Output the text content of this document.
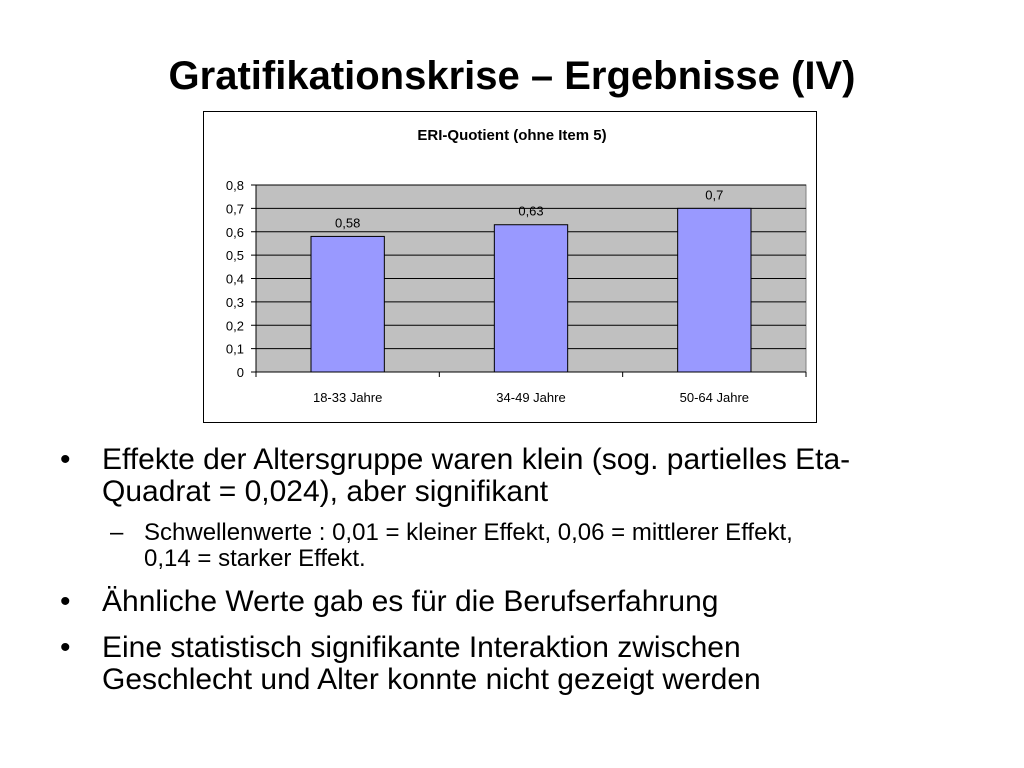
Gratifikationskrise – Ergebnisse (IV)
ERI-Quotient (ohne Item 5)
0,58
0,63
0,7
0
0,1
0,2
0,3
0,4
0,5
0,6
0,7
0,8
18-33 Jahre	34-49 Jahre	50-64 Jahre
• Effekte der Altersgruppe waren klein (sog. partielles Eta-
Quadrat = 0,024), aber signifikant
– Schwellenwerte : 0,01 = kleiner Effekt, 0,06 = mittlerer Effekt,
0,14 = starker Effekt.
• Ähnliche Werte gab es für die Berufserfahrung
• Eine statistisch signifikante Interaktion zwischen
Geschlecht und Alter konnte nicht gezeigt werden
